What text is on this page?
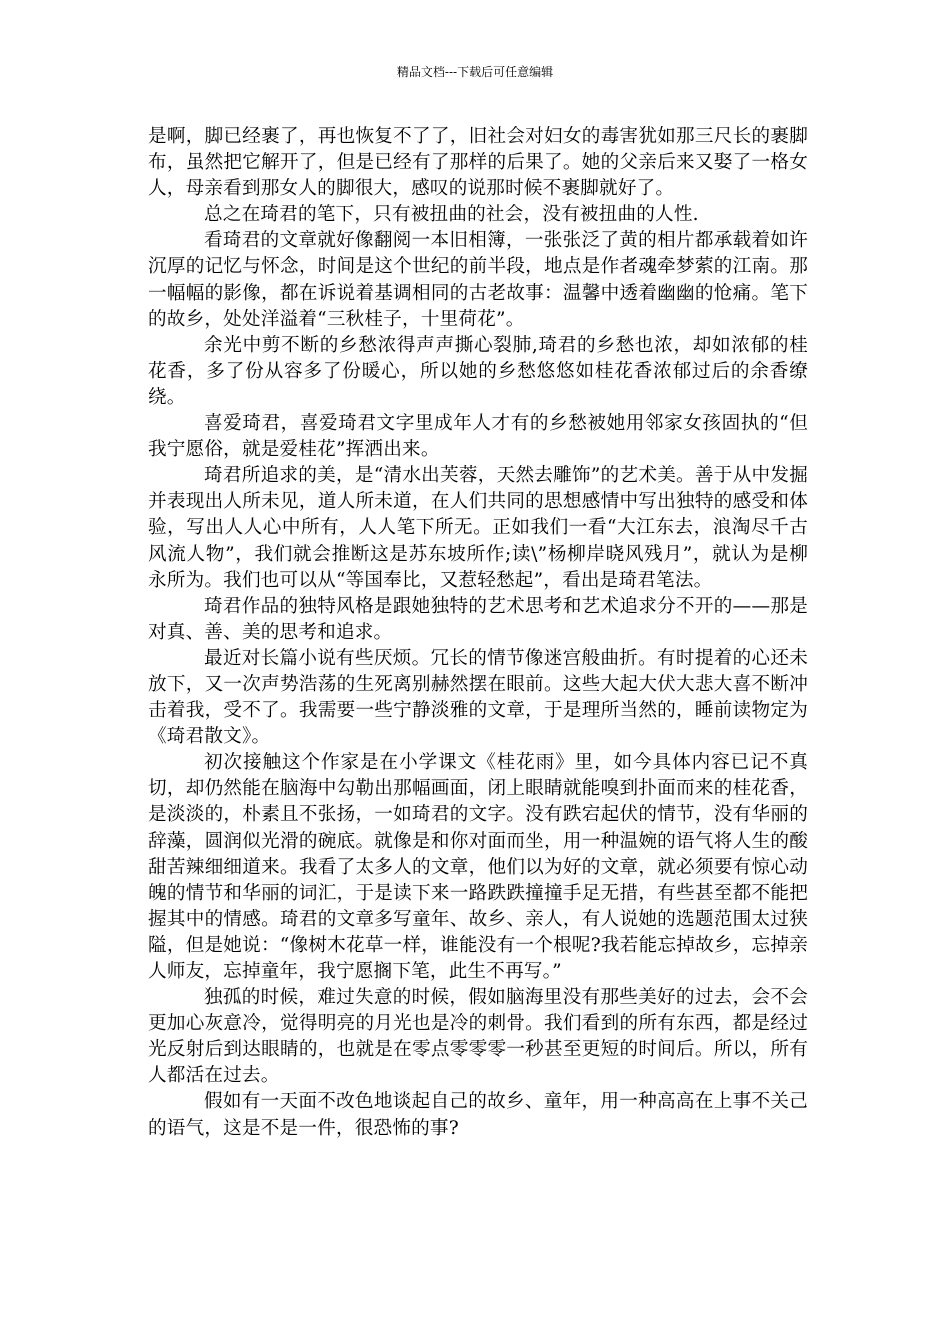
精品文档---下载后可任意编辑

是啊，脚已经裹了，再也恢复不了了，旧社会对妇女的毒害犹如那三尺长的裹脚布，虽然把它解开了，但是已经有了那样的后果了。她的父亲后来又娶了一格女人，母亲看到那女人的脚很大，感叹的说那时候不裹脚就好了。

总之在琦君的笔下，只有被扭曲的社会，没有被扭曲的人性.

看琦君的文章就好像翻阅一本旧相簿，一张张泛了黄的相片都承载着如许沉厚的记忆与怀念，时间是这个世纪的前半段，地点是作者魂牵梦萦的江南。那一幅幅的影像，都在诉说着基调相同的古老故事：温馨中透着幽幽的怆痛。笔下的故乡，处处洋溢着“三秋桂子，十里荷花”。

余光中剪不断的乡愁浓得声声撕心裂肺,琦君的乡愁也浓，却如浓郁的桂花香，多了份从容多了份暖心，所以她的乡愁悠悠如桂花香浓郁过后的余香缭绕。

喜爱琦君，喜爱琦君文字里成年人才有的乡愁被她用邻家女孩固执的“但我宁愿俗，就是爱桂花”挥洒出来。

琦君所追求的美，是“清水出芙蓉，天然去雕饰”的艺术美。善于从中发掘并表现出人所未见，道人所未道，在人们共同的思想感情中写出独特的感受和体验，写出人人心中所有，人人笔下所无。正如我们一看“大江东去，浪淘尽千古风流人物”，我们就会推断这是苏东坡所作;读\”杨柳岸晓风残月”，就认为是柳永所为。我们也可以从“等国奉比，又惹轻愁起”，看出是琦君笔法。

琦君作品的独特风格是跟她独特的艺术思考和艺术追求分不开的——那是对真、善、美的思考和追求。

最近对长篇小说有些厌烦。冗长的情节像迷宫般曲折。有时提着的心还未放下，又一次声势浩荡的生死离别赫然摆在眼前。这些大起大伏大悲大喜不断冲击着我，受不了。我需要一些宁静淡雅的文章，于是理所当然的，睡前读物定为《琦君散文》。

初次接触这个作家是在小学课文《桂花雨》里，如今具体内容已记不真切，却仍然能在脑海中勾勒出那幅画面，闭上眼睛就能嗅到扑面而来的桂花香，是淡淡的，朴素且不张扬，一如琦君的文字。没有跌宕起伏的情节，没有华丽的辞藻，圆润似光滑的碗底。就像是和你对面而坐，用一种温婉的语气将人生的酸甜苦辣细细道来。我看了太多人的文章，他们以为好的文章，就必须要有惊心动魄的情节和华丽的词汇，于是读下来一路跌跌撞撞手足无措，有些甚至都不能把握其中的情感。琦君的文章多写童年、故乡、亲人，有人说她的选题范围太过狭隘，但是她说：“像树木花草一样，谁能没有一个根呢?我若能忘掉故乡，忘掉亲人师友，忘掉童年，我宁愿搁下笔，此生不再写。”

独孤的时候，难过失意的时候，假如脑海里没有那些美好的过去，会不会更加心灰意冷，觉得明亮的月光也是冷的刺骨。我们看到的所有东西，都是经过光反射后到达眼睛的，也就是在零点零零零一秒甚至更短的时间后。所以，所有人都活在过去。

假如有一天面不改色地谈起自己的故乡、童年，用一种高高在上事不关己的语气，这是不是一件，很恐怖的事?
